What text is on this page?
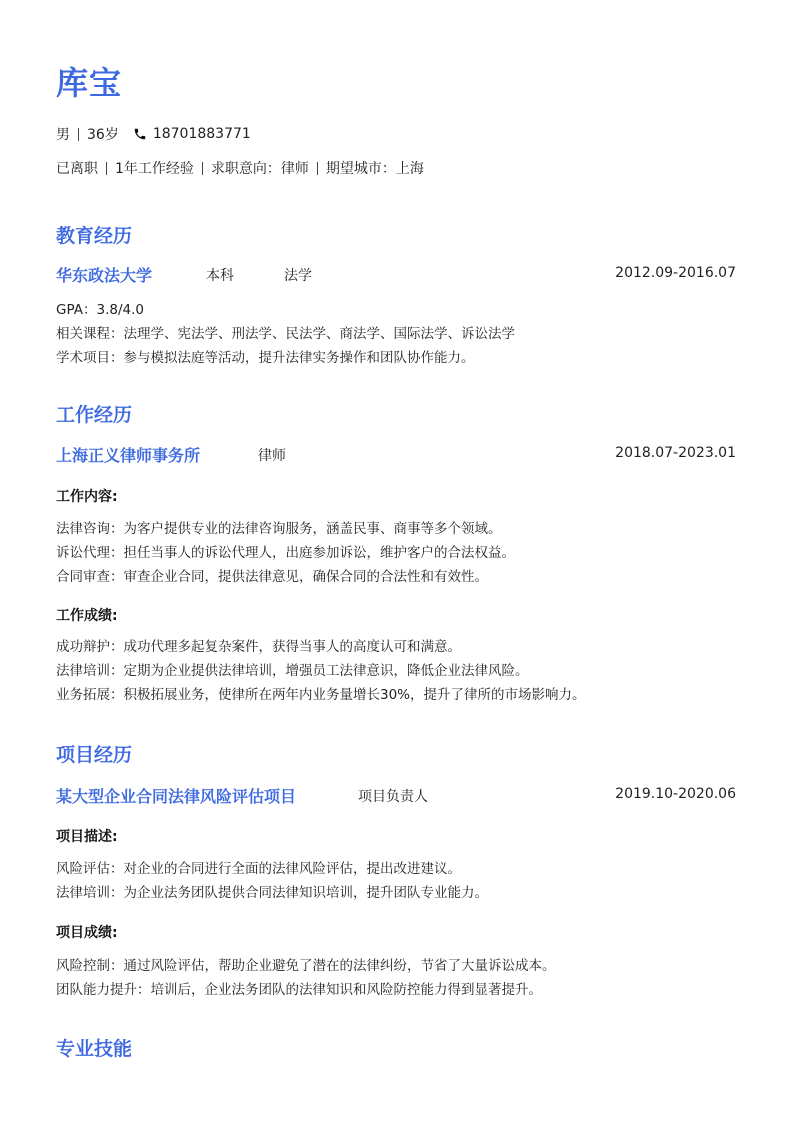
库宝
男 36岁 18701883771
已离职 1年工作经验 求职意向：律师 期望城市：上海
教育经历
华东政法大学	本科	法学	2012.09-2016.07
GPA：3.8/4.0
相关课程：法理学、宪法学、刑法学、民法学、商法学、国际法学、诉讼法学
学术项目：参与模拟法庭等活动，提升法律实务操作和团队协作能力。
工作经历
上海正义律师事务所	律师	2018.07-2023.01
工作内容:
法律咨询：为客户提供专业的法律咨询服务，涵盖民事、商事等多个领域。
诉讼代理：担任当事人的诉讼代理人，出庭参加诉讼，维护客户的合法权益。
合同审查：审查企业合同，提供法律意见，确保合同的合法性和有效性。
工作成绩:
成功辩护：成功代理多起复杂案件，获得当事人的高度认可和满意。
法律培训：定期为企业提供法律培训，增强员工法律意识，降低企业法律风险。
业务拓展：积极拓展业务，使律所在两年内业务量增长30%，提升了律所的市场影响力。
项目经历
某大型企业合同法律风险评估项目	项目负责人	2019.10-2020.06
项目描述:
风险评估：对企业的合同进行全面的法律风险评估，提出改进建议。
法律培训：为企业法务团队提供合同法律知识培训，提升团队专业能力。
项目成绩:
风险控制：通过风险评估，帮助企业避免了潜在的法律纠纷，节省了大量诉讼成本。
团队能力提升：培训后，企业法务团队的法律知识和风险防控能力得到显著提升。
专业技能
